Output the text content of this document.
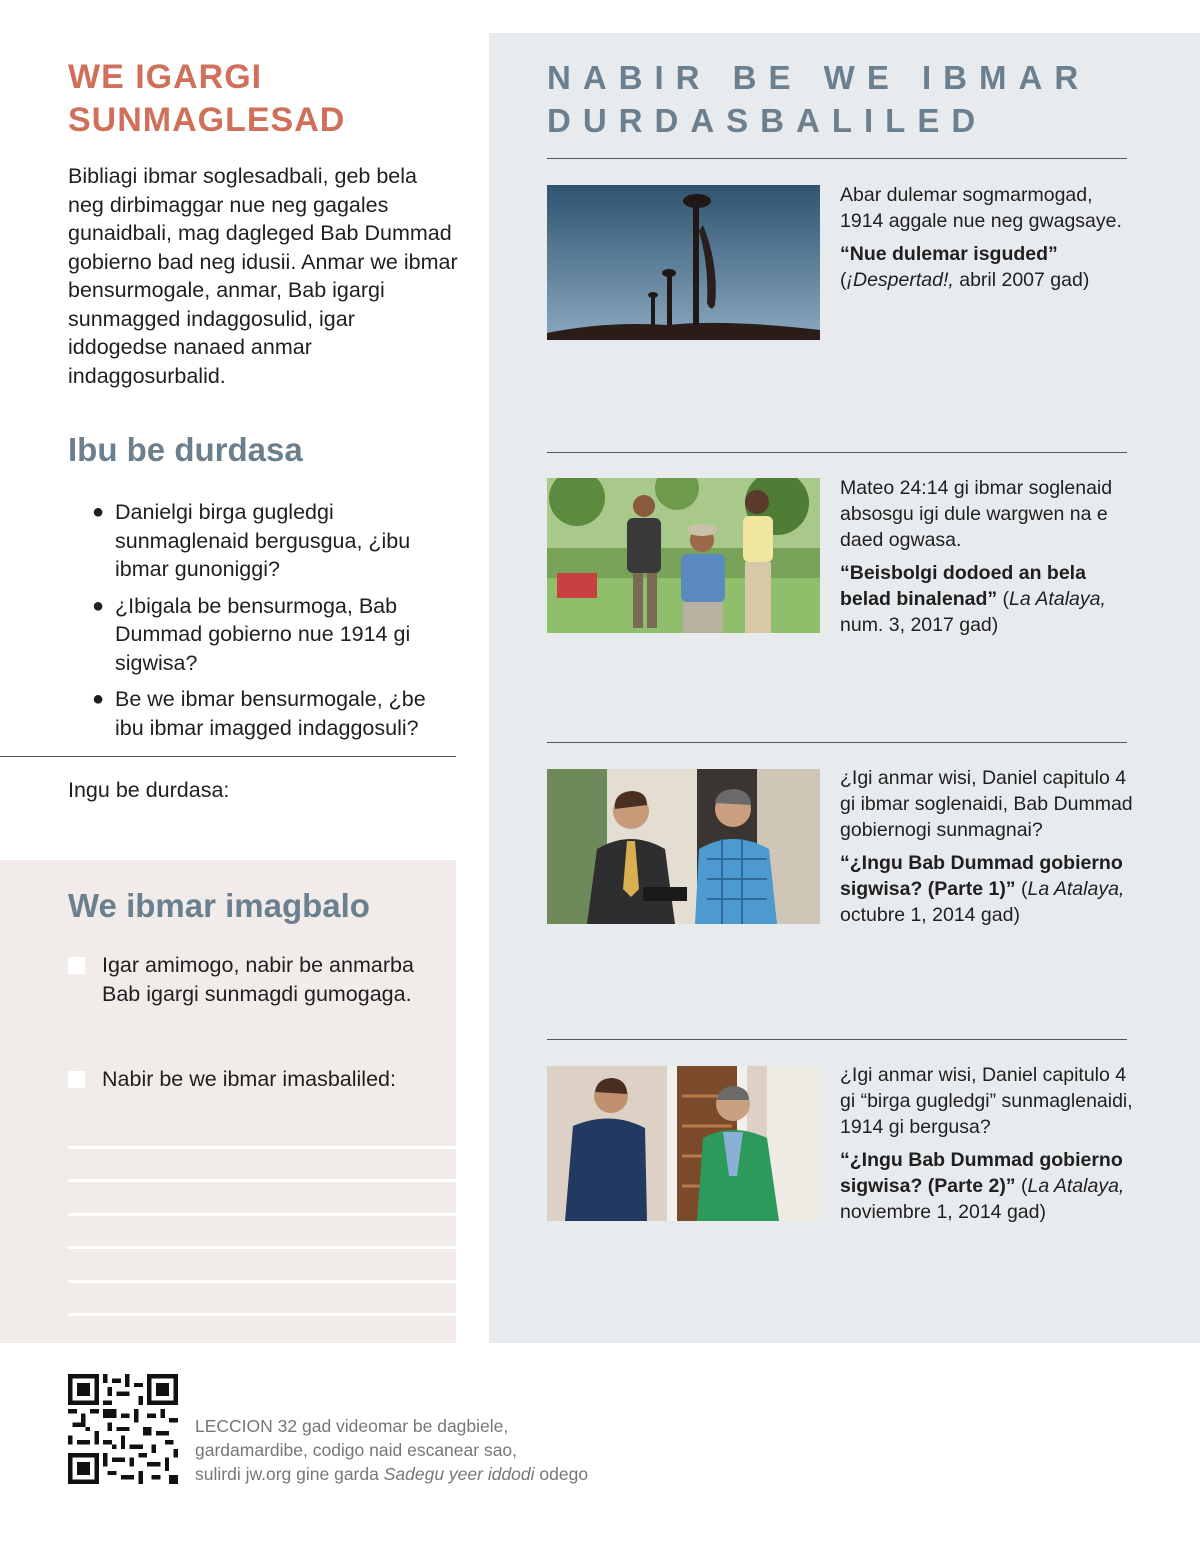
WE IGARGI SUNMAGLESAD

Bibliagi ibmar soglesadbali, geb bela neg dirbimaggar nue neg gagales gunaidbali, mag dagleged Bab Dummad gobierno bad neg idusii. Anmar we ibmar bensurmogale, anmar, Bab igargi sunmagged indaggosulid, igar iddogedse nanaed anmar indaggosurbalid.

Ibu be durdasa
● Danielgi birga gugledgi sunmaglenaid bergusgua, ¿ibu ibmar gunoniggi?
● ¿Ibigala be bensurmoga, Bab Dummad gobierno nue 1914 gi sigwisa?
● Be we ibmar bensurmogale, ¿be ibu ibmar imagged indaggosuli?
Ingu be durdasa:
We ibmar imagbalo
Igar amimogo, nabir be anmarba Bab igargi sunmagdi gumogaga.
Nabir be we ibmar imasbaliled:
NABIR BE WE IBMAR DURDASBALILED
Abar dulemar sogmarmogad, 1914 aggale nue neg gwagsaye.
“Nue dulemar isguded” (¡Despertad!, abril 2007 gad)
Mateo 24:14 gi ibmar soglenaid absosgu igi dule wargwen na e daed ogwasa.
“Beisbolgi dodoed an bela belad binalenad” (La Atalaya, num. 3, 2017 gad)
¿Igi anmar wisi, Daniel capitulo 4 gi ibmar soglenaidi, Bab Dummad gobiernogi sunmagnai?
“¿Ingu Bab Dummad gobierno sigwisa? (Parte 1)” (La Atalaya, octubre 1, 2014 gad)
¿Igi anmar wisi, Daniel capitulo 4 gi “birga gugledgi” sunmaglenaidi, 1914 gi bergusa?
“¿Ingu Bab Dummad gobierno sigwisa? (Parte 2)” (La Atalaya, noviembre 1, 2014 gad)
LECCION 32 gad videomar be dagbiele,
gardamardibe, codigo naid escanear sao,
sulirdi jw.org gine garda Sadegu yeer iddodi odego
